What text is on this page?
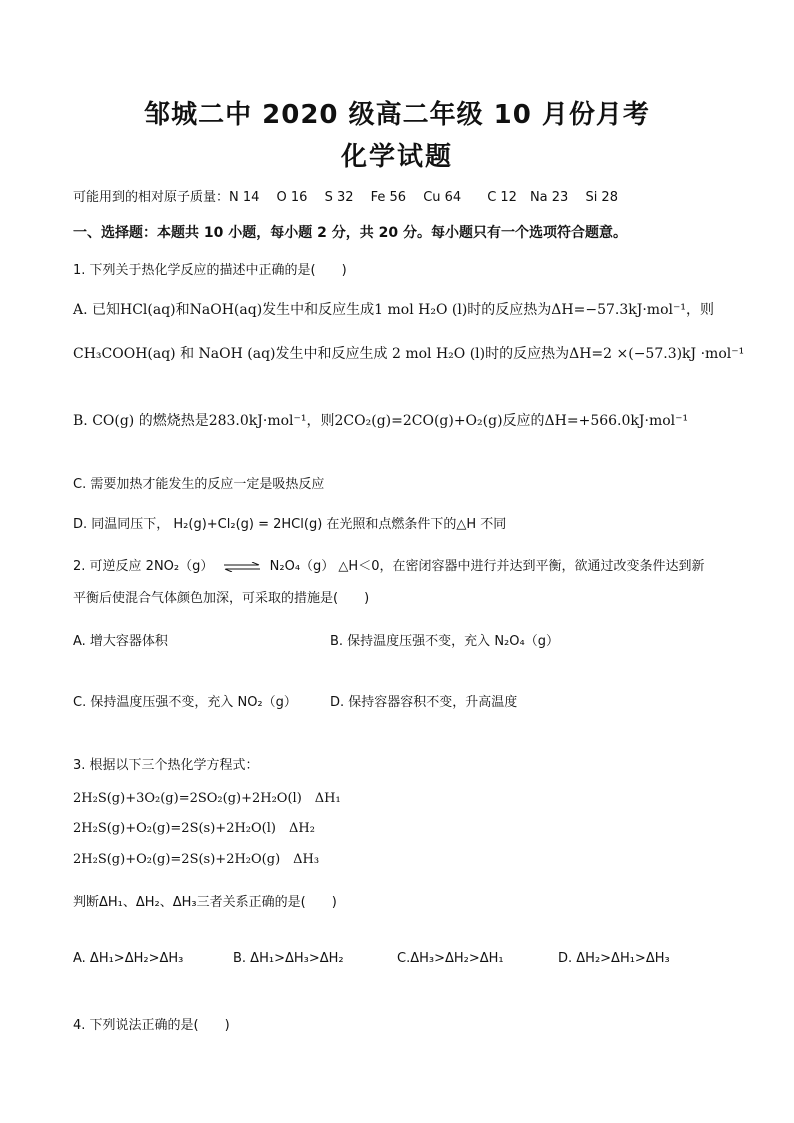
邹城二中 2020 级高二年级 10 月份月考
化学试题
可能用到的相对原子质量：N 14　 O 16　 S 32　 Fe 56　 Cu 64　　C 12　Na 23　 Si 28
一、选择题：本题共 10 小题，每小题 2 分，共 20 分。每小题只有一个选项符合题意。
1. 下列关于热化学反应的描述中正确的是(　　)
A. 已知HCl(aq)和NaOH(aq)发生中和反应生成1 mol H₂O (l)时的反应热为ΔH=−57.3kJ·mol⁻¹，则
CH₃COOH(aq) 和 NaOH (aq)发生中和反应生成 2 mol H₂O (l)时的反应热为ΔH=2 ×(−57.3)kJ ·mol⁻¹
B. CO(g) 的燃烧热是283.0kJ·mol⁻¹，则2CO₂(g)=2CO(g)+O₂(g)反应的ΔH=+566.0kJ·mol⁻¹
C. 需要加热才能发生的反应一定是吸热反应
D. 同温同压下， H₂(g)+Cl₂(g) = 2HCl(g) 在光照和点燃条件下的△H 不同
2. 可逆反应 2NO₂（g） ⇌ N₂O₄（g） △H＜0，在密闭容器中进行并达到平衡，欲通过改变条件达到新
平衡后使混合气体颜色加深，可采取的措施是(　　)
A. 增大容器体积	B. 保持温度压强不变，充入 N₂O₄（g）
C. 保持温度压强不变，充入 NO₂（g）	D. 保持容器容积不变，升高温度
3. 根据以下三个热化学方程式：
2H₂S(g)+3O₂(g)=2SO₂(g)+2H₂O(l)　ΔH₁
2H₂S(g)+O₂(g)=2S(s)+2H₂O(l)　ΔH₂
2H₂S(g)+O₂(g)=2S(s)+2H₂O(g)　ΔH₃
判断ΔH₁、ΔH₂、ΔH₃三者关系正确的是(　　)
A. ΔH₁>ΔH₂>ΔH₃	B. ΔH₁>ΔH₃>ΔH₂	C.ΔH₃>ΔH₂>ΔH₁	D. ΔH₂>ΔH₁>ΔH₃
4. 下列说法正确的是(　　)
